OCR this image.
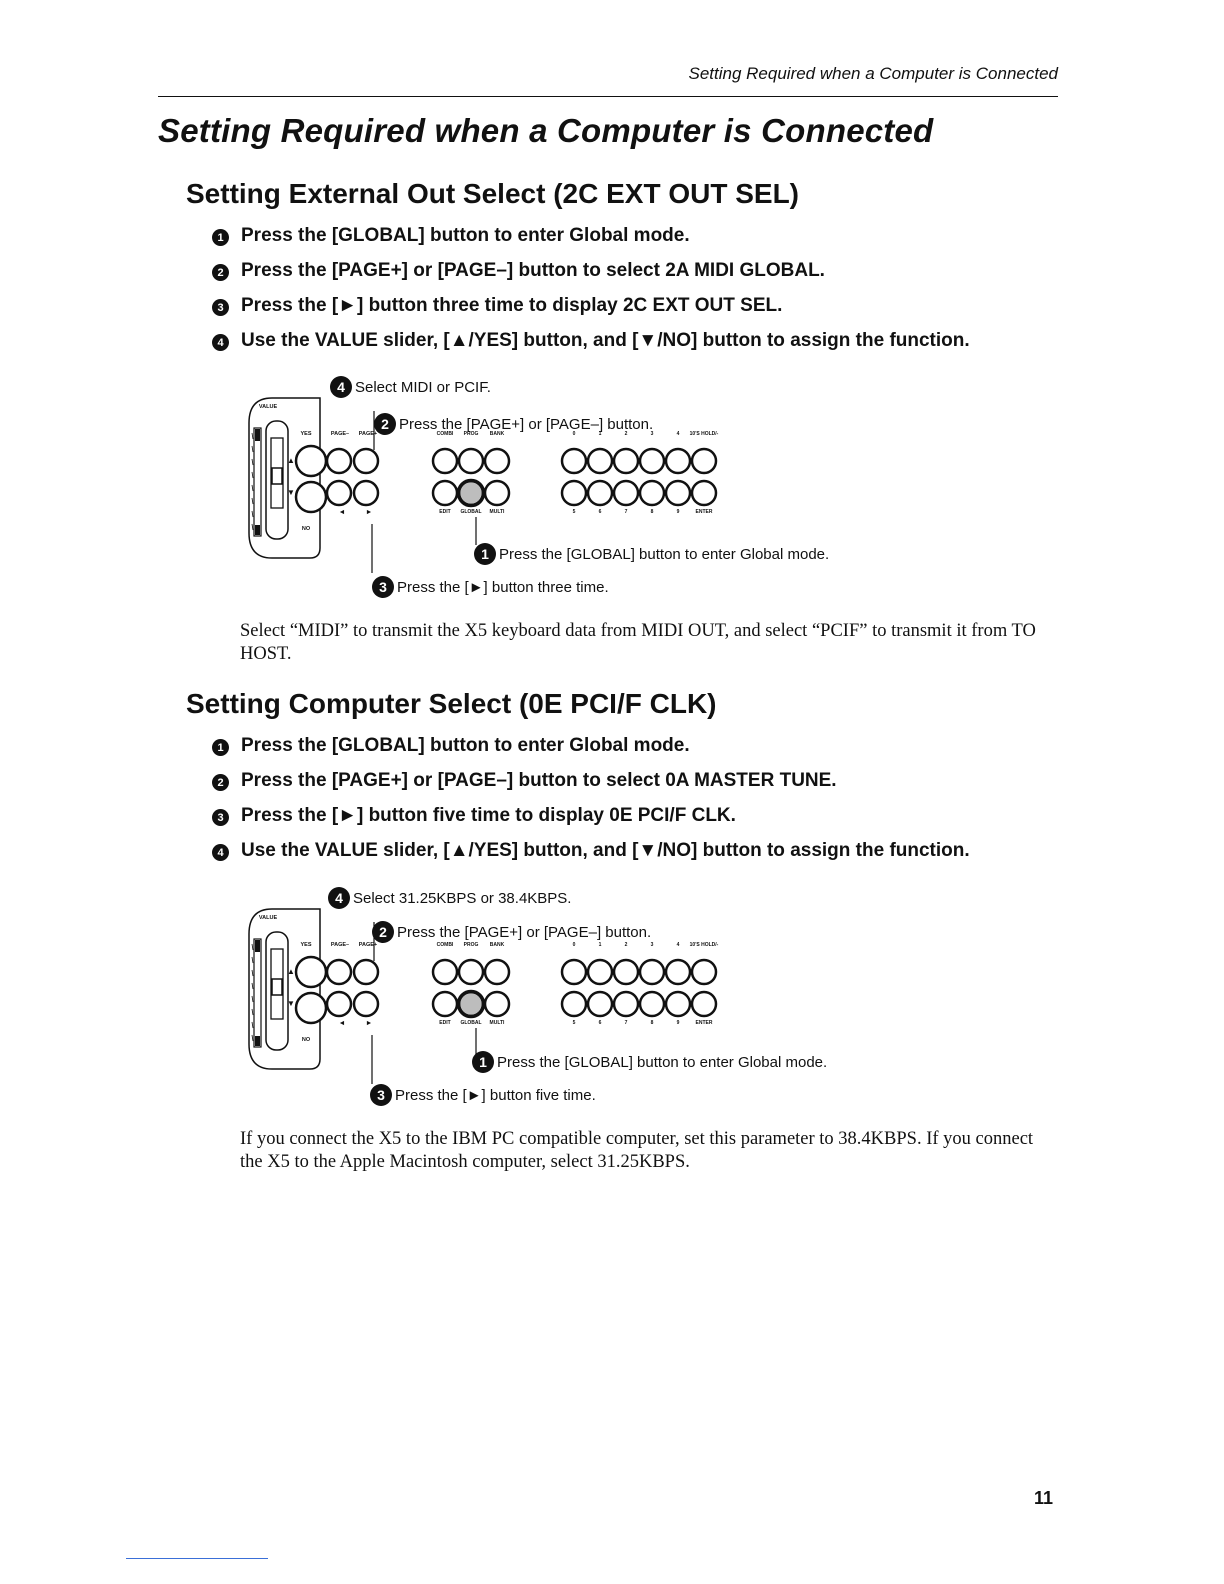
Setting Required when a Computer is Connected
Setting Required when a Computer is Connected
Setting External Out Select (2C EXT OUT SEL)
1 Press the [GLOBAL] button to enter Global mode.
2 Press the [PAGE+] or [PAGE–] button to select 2A MIDI GLOBAL.
3 Press the [►] button three time to display 2C EXT OUT SEL.
4 Use the VALUE slider, [▲/YES] button, and [▼/NO] button to assign the function.
VALUE
YES
NO
▲
▼
PAGE– PAGE+
◄	►
COMBI PROG BANK
EDIT GLOBAL MULTI
0	1	2	3	4 10'S HOLD/-
5	6	7	8	9	ENTER
4 Select MIDI or PCIF.
2 Press the [PAGE+] or [PAGE–] button.
1 Press the [GLOBAL] button to enter Global mode.
3 Press the [►] button three time.

Select “MIDI” to transmit the X5 keyboard data from MIDI OUT, and select “PCIF” to transmit it from TO HOST.

Setting Computer Select (0E PCI/F CLK)
1 Press the [GLOBAL] button to enter Global mode.
2 Press the [PAGE+] or [PAGE–] button to select 0A MASTER TUNE.
3 Press the [►] button five time to display 0E PCI/F CLK.
4 Use the VALUE slider, [▲/YES] button, and [▼/NO] button to assign the function.
VALUE
YES
NO
▲
▼
PAGE– PAGE+
◄	►
COMBI PROG BANK
EDIT GLOBAL MULTI
0	1	2	3	4 10'S HOLD/-
5	6	7	8	9	ENTER
4 Select 31.25KBPS or 38.4KBPS.
2 Press the [PAGE+] or [PAGE–] button.
1 Press the [GLOBAL] button to enter Global mode.
3 Press the [►] button five time.

If you connect the X5 to the IBM PC compatible computer, set this parameter to 38.4KBPS. If you connect the X5 to the Apple Macintosh computer, select 31.25KBPS.

11
